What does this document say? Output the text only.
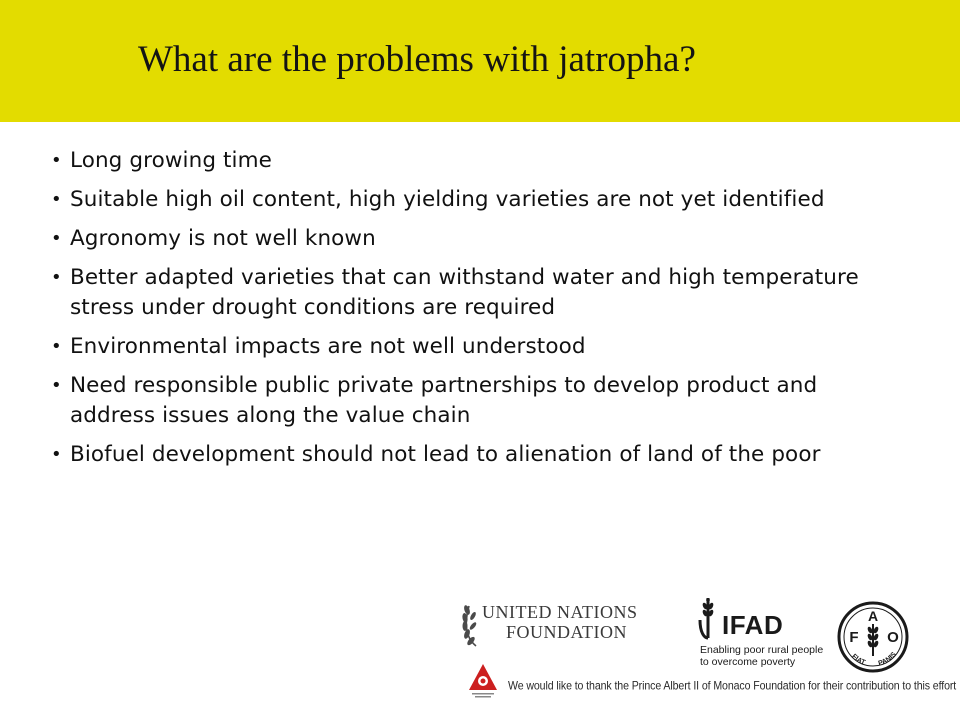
What are the problems with jatropha?
• Long growing time
• Suitable high oil content, high yielding varieties are not yet identified
• Agronomy is not well known
• Better adapted varieties that can withstand water and high temperature stress under drought conditions are required
• Environmental impacts are not well understood
• Need responsible public private partnerships to develop product and address issues along the value chain
• Biofuel development should not lead to alienation of land of the poor
UNITED NATIONS
FOUNDATION	IFAD
Enabling poor rural people
to overcome poverty
A
F O
FIAT PANIS
We would like to thank the Prince Albert II of Monaco Foundation for their contribution to this effort
